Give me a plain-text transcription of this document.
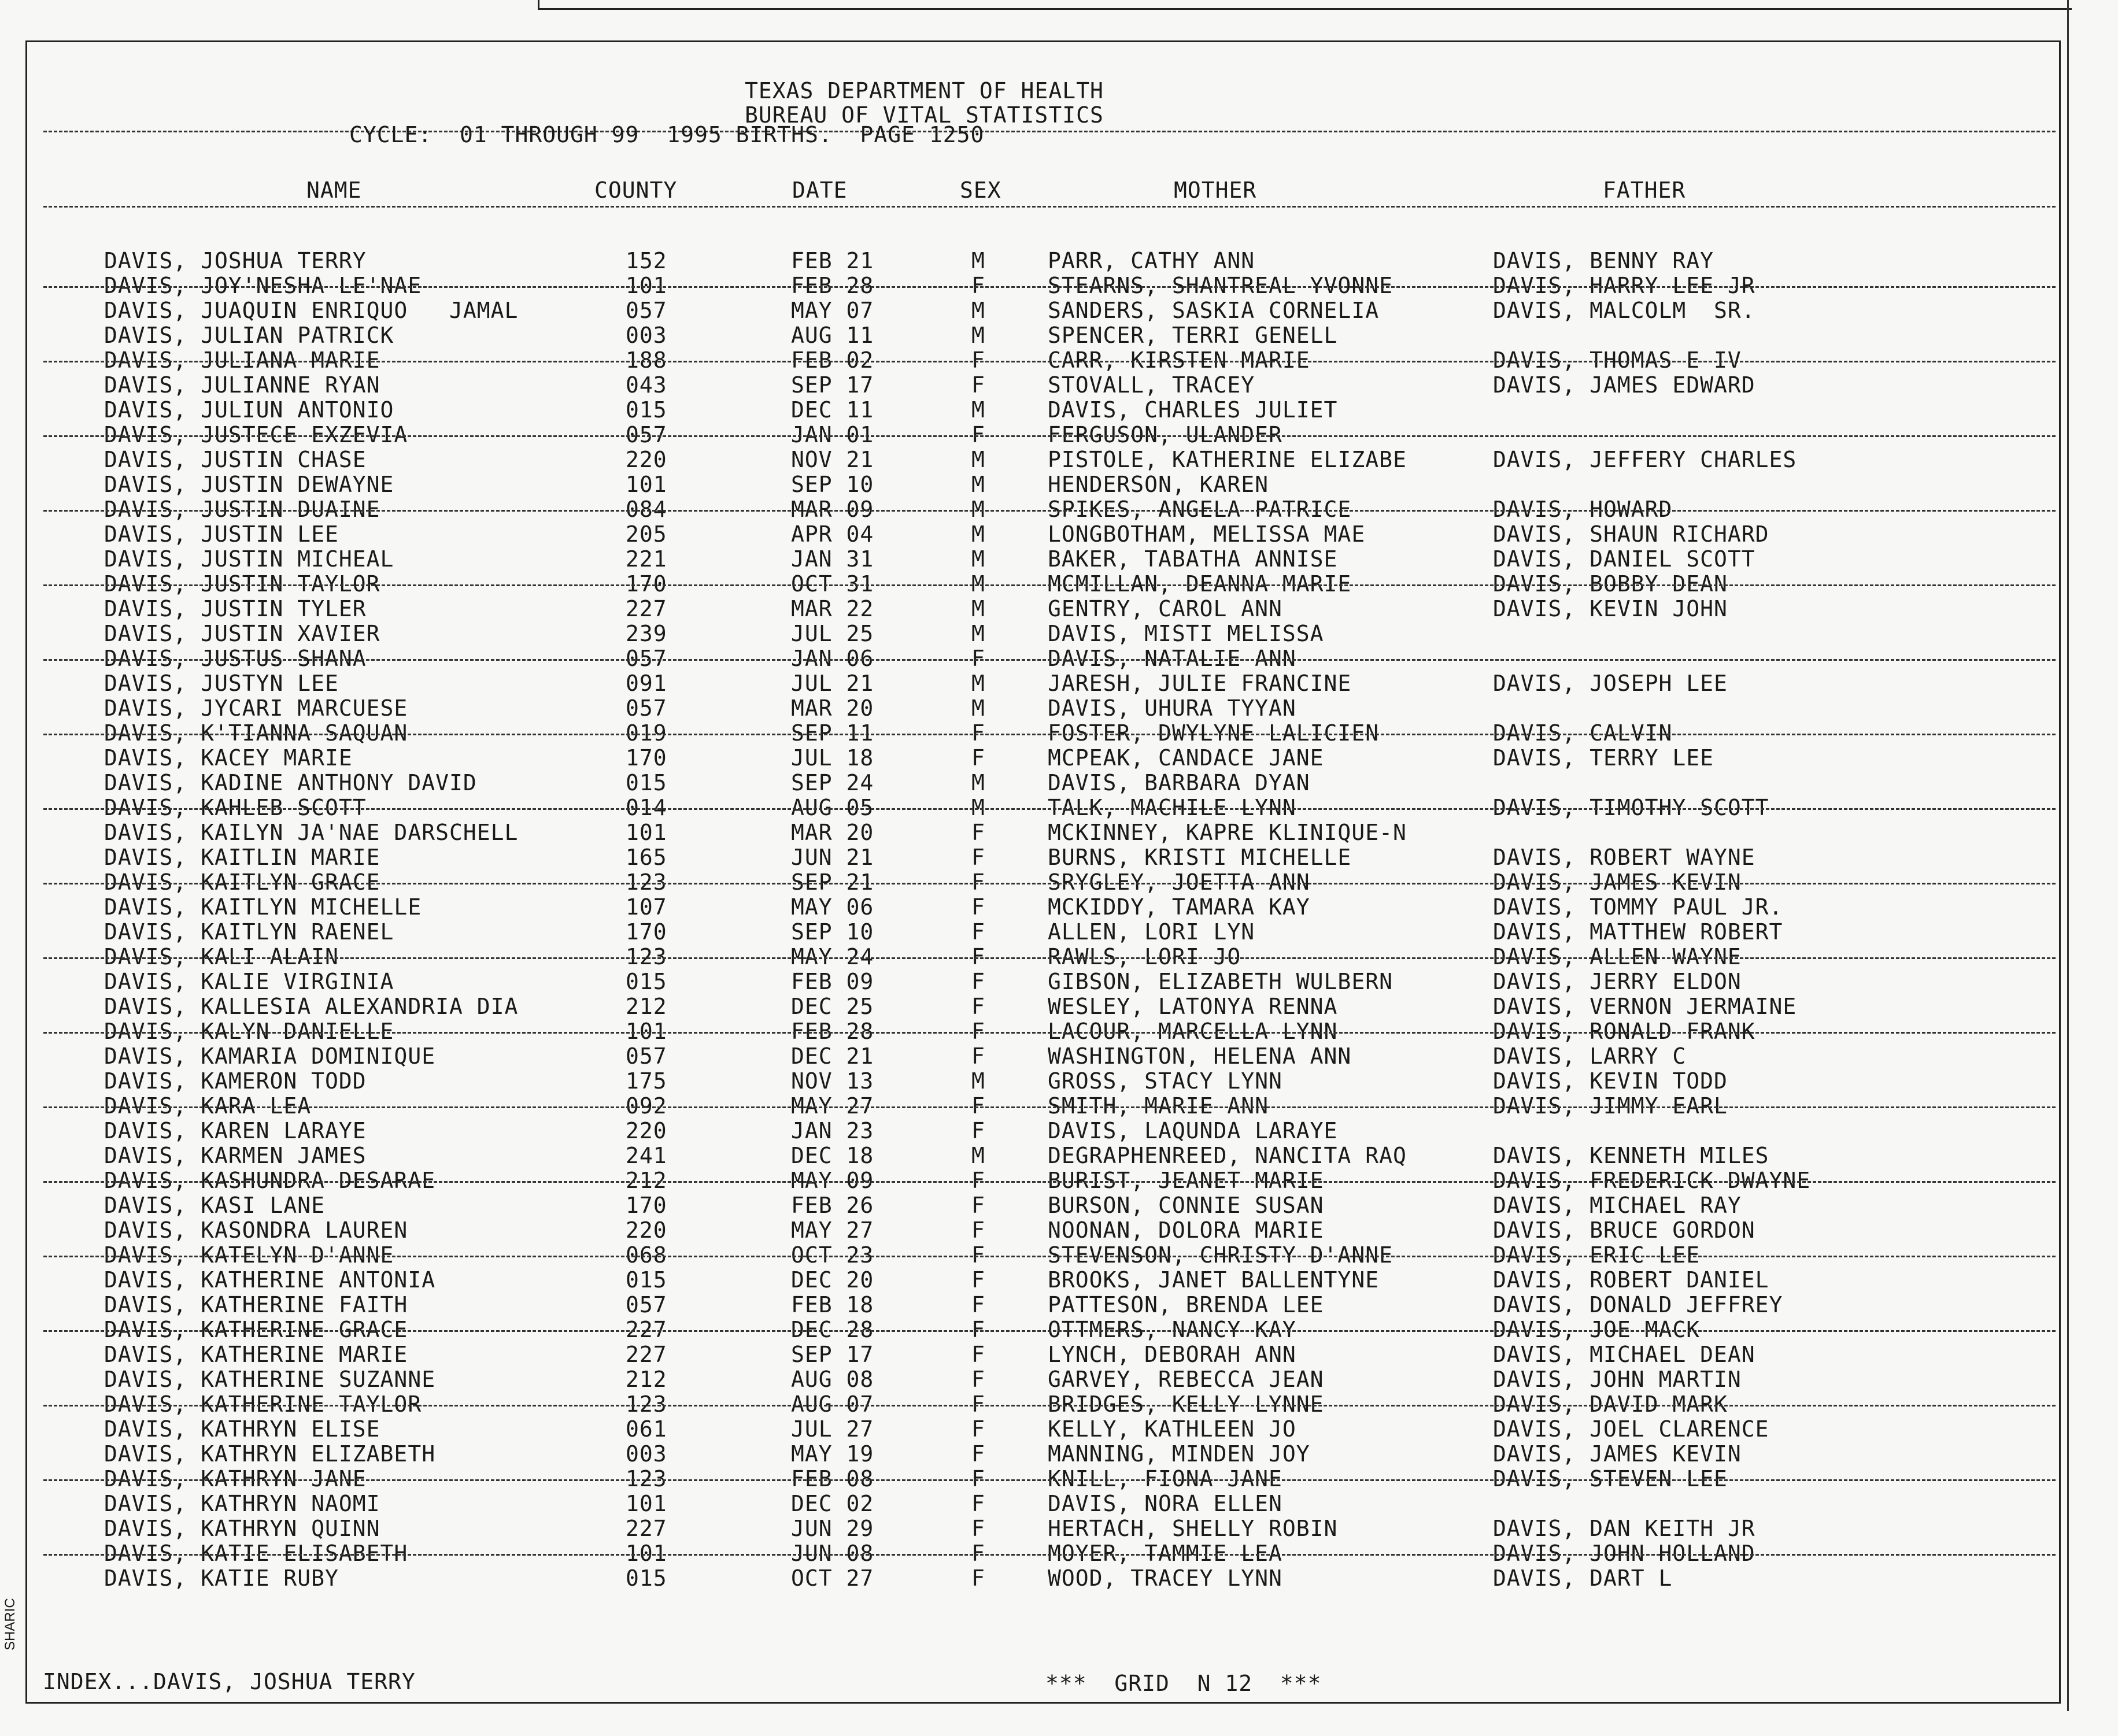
TEXAS DEPARTMENT OF HEALTH
BUREAU OF VITAL STATISTICS
CYCLE:  01 THROUGH 99  1995 BIRTHS.  PAGE 1250
NAME	COUNTY	DATE	SEX	MOTHER	FATHER
DAVIS, JOSHUA TERRY	152	FEB 21	M	PARR, CATHY ANN	DAVIS, BENNY RAY
DAVIS, JOY'NESHA LE'NAE	101	FEB 28	F	STEARNS, SHANTREAL YVONNE	DAVIS, HARRY LEE JR
DAVIS, JUAQUIN ENRIQUO   JAMAL	057	MAY 07	M	SANDERS, SASKIA CORNELIA	DAVIS, MALCOLM  SR.
DAVIS, JULIAN PATRICK	003	AUG 11	M	SPENCER, TERRI GENELL
DAVIS, JULIANA MARIE	188	FEB 02	F	CARR, KIRSTEN MARIE	DAVIS, THOMAS E IV
DAVIS, JULIANNE RYAN	043	SEP 17	F	STOVALL, TRACEY	DAVIS, JAMES EDWARD
DAVIS, JULIUN ANTONIO	015	DEC 11	M	DAVIS, CHARLES JULIET
DAVIS, JUSTECE EXZEVIA	057	JAN 01	F	FERGUSON, ULANDER
DAVIS, JUSTIN CHASE	220	NOV 21	M	PISTOLE, KATHERINE ELIZABE	DAVIS, JEFFERY CHARLES
DAVIS, JUSTIN DEWAYNE	101	SEP 10	M	HENDERSON, KAREN
DAVIS, JUSTIN DUAINE	084	MAR 09	M	SPIKES, ANGELA PATRICE	DAVIS, HOWARD
DAVIS, JUSTIN LEE	205	APR 04	M	LONGBOTHAM, MELISSA MAE	DAVIS, SHAUN RICHARD
DAVIS, JUSTIN MICHEAL	221	JAN 31	M	BAKER, TABATHA ANNISE	DAVIS, DANIEL SCOTT
DAVIS, JUSTIN TAYLOR	170	OCT 31	M	MCMILLAN, DEANNA MARIE	DAVIS, BOBBY DEAN
DAVIS, JUSTIN TYLER	227	MAR 22	M	GENTRY, CAROL ANN	DAVIS, KEVIN JOHN
DAVIS, JUSTIN XAVIER	239	JUL 25	M	DAVIS, MISTI MELISSA
DAVIS, JUSTUS SHANA	057	JAN 06	F	DAVIS, NATALIE ANN
DAVIS, JUSTYN LEE	091	JUL 21	M	JARESH, JULIE FRANCINE	DAVIS, JOSEPH LEE
DAVIS, JYCARI MARCUESE	057	MAR 20	M	DAVIS, UHURA TYYAN
DAVIS, K'TIANNA SAQUAN	019	SEP 11	F	FOSTER, DWYLYNE LALICIEN	DAVIS, CALVIN
DAVIS, KACEY MARIE	170	JUL 18	F	MCPEAK, CANDACE JANE	DAVIS, TERRY LEE
DAVIS, KADINE ANTHONY DAVID	015	SEP 24	M	DAVIS, BARBARA DYAN
DAVIS, KAHLEB SCOTT	014	AUG 05	M	TALK, MACHILE LYNN	DAVIS, TIMOTHY SCOTT
DAVIS, KAILYN JA'NAE DARSCHELL	101	MAR 20	F	MCKINNEY, KAPRE KLINIQUE-N
DAVIS, KAITLIN MARIE	165	JUN 21	F	BURNS, KRISTI MICHELLE	DAVIS, ROBERT WAYNE
DAVIS, KAITLYN GRACE	123	SEP 21	F	SRYGLEY, JOETTA ANN	DAVIS, JAMES KEVIN
DAVIS, KAITLYN MICHELLE	107	MAY 06	F	MCKIDDY, TAMARA KAY	DAVIS, TOMMY PAUL JR.
DAVIS, KAITLYN RAENEL	170	SEP 10	F	ALLEN, LORI LYN	DAVIS, MATTHEW ROBERT
DAVIS, KALI ALAIN	123	MAY 24	F	RAWLS, LORI JO	DAVIS, ALLEN WAYNE
DAVIS, KALIE VIRGINIA	015	FEB 09	F	GIBSON, ELIZABETH WULBERN	DAVIS, JERRY ELDON
DAVIS, KALLESIA ALEXANDRIA DIA	212	DEC 25	F	WESLEY, LATONYA RENNA	DAVIS, VERNON JERMAINE
DAVIS, KALYN DANIELLE	101	FEB 28	F	LACOUR, MARCELLA LYNN	DAVIS, RONALD FRANK
DAVIS, KAMARIA DOMINIQUE	057	DEC 21	F	WASHINGTON, HELENA ANN	DAVIS, LARRY C
DAVIS, KAMERON TODD	175	NOV 13	M	GROSS, STACY LYNN	DAVIS, KEVIN TODD
DAVIS, KARA LEA	092	MAY 27	F	SMITH, MARIE ANN	DAVIS, JIMMY EARL
DAVIS, KAREN LARAYE	220	JAN 23	F	DAVIS, LAQUNDA LARAYE
DAVIS, KARMEN JAMES	241	DEC 18	M	DEGRAPHENREED, NANCITA RAQ	DAVIS, KENNETH MILES
DAVIS, KASHUNDRA DESARAE	212	MAY 09	F	BURIST, JEANET MARIE	DAVIS, FREDERICK DWAYNE
DAVIS, KASI LANE	170	FEB 26	F	BURSON, CONNIE SUSAN	DAVIS, MICHAEL RAY
DAVIS, KASONDRA LAUREN	220	MAY 27	F	NOONAN, DOLORA MARIE	DAVIS, BRUCE GORDON
DAVIS, KATELYN D'ANNE	068	OCT 23	F	STEVENSON, CHRISTY D'ANNE	DAVIS, ERIC LEE
DAVIS, KATHERINE ANTONIA	015	DEC 20	F	BROOKS, JANET BALLENTYNE	DAVIS, ROBERT DANIEL
DAVIS, KATHERINE FAITH	057	FEB 18	F	PATTESON, BRENDA LEE	DAVIS, DONALD JEFFREY
DAVIS, KATHERINE GRACE	227	DEC 28	F	OTTMERS, NANCY KAY	DAVIS, JOE MACK
DAVIS, KATHERINE MARIE	227	SEP 17	F	LYNCH, DEBORAH ANN	DAVIS, MICHAEL DEAN
DAVIS, KATHERINE SUZANNE	212	AUG 08	F	GARVEY, REBECCA JEAN	DAVIS, JOHN MARTIN
DAVIS, KATHERINE TAYLOR	123	AUG 07	F	BRIDGES, KELLY LYNNE	DAVIS, DAVID MARK
DAVIS, KATHRYN ELISE	061	JUL 27	F	KELLY, KATHLEEN JO	DAVIS, JOEL CLARENCE
DAVIS, KATHRYN ELIZABETH	003	MAY 19	F	MANNING, MINDEN JOY	DAVIS, JAMES KEVIN
DAVIS, KATHRYN JANE	123	FEB 08	F	KNILL, FIONA JANE	DAVIS, STEVEN LEE
DAVIS, KATHRYN NAOMI	101	DEC 02	F	DAVIS, NORA ELLEN
DAVIS, KATHRYN QUINN	227	JUN 29	F	HERTACH, SHELLY ROBIN	DAVIS, DAN KEITH JR
DAVIS, KATIE ELISABETH	101	JUN 08	F	MOYER, TAMMIE LEA	DAVIS, JOHN HOLLAND
DAVIS, KATIE RUBY	015	OCT 27	F	WOOD, TRACEY LYNN	DAVIS, DART L
INDEX...DAVIS, JOSHUA TERRY	***  GRID  N 12  ***
SHARIC
